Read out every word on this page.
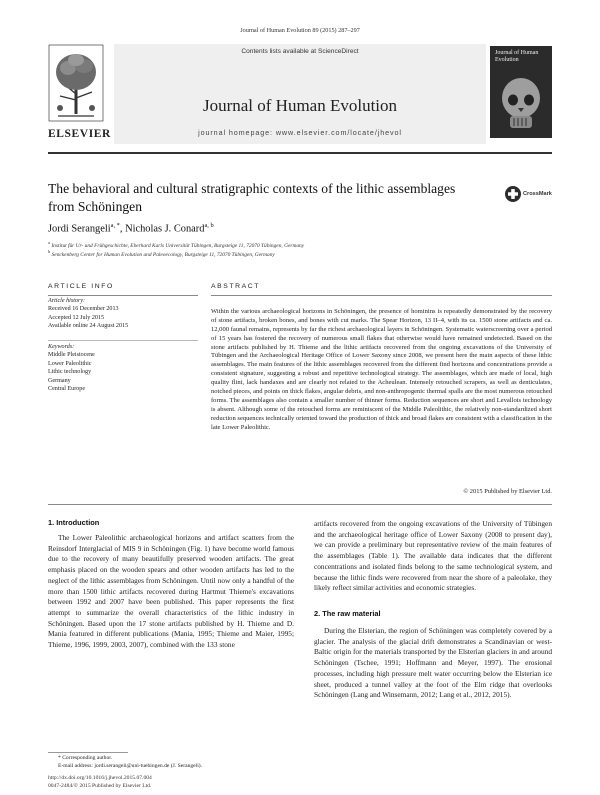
Journal of Human Evolution 89 (2015) 287–297
ELSEVIER
Contents lists available at ScienceDirect
Journal of Human Evolution
journal homepage: www.elsevier.com/locate/jhevol
Journal of Human Evolution
The behavioral and cultural stratigraphic contexts of the lithic assemblages from Schöningen
CrossMark
Jordi Serangeli$^{a, *}$, Nicholas J. Conard$^{a, b}$
$^a$ Institut für Ur- und Frühgeschichte, Eberhard Karls Universität Tübingen, Burgsteige 11, 72070 Tübingen, Germany
$^b$ Senckenberg Center for Human Evolution and Paleoecology, Burgsteige 11, 72070 Tübingen, Germany
ARTICLE INFO	ABSTRACT
Article history:
Received 16 December 2013
Accepted 12 July 2015
Available online 24 August 2015
Keywords:
Middle Pleistocene
Lower Paleolithic
Lithic technology
Germany
Central Europe
Within the various archaeological horizons in Schöningen, the presence of hominins is repeatedly demonstrated by the recovery of stone artifacts, broken bones, and bones with cut marks. The Spear Horizon, 13 II–4, with its ca. 1500 stone artifacts and ca. 12,000 faunal remains, represents by far the richest archaeological layers in Schöningen. Systematic waterscreening over a period of 15 years has fostered the recovery of numerous small flakes that otherwise would have remained undetected. Based on the stone artifacts published by H. Thieme and the lithic artifacts recovered from the ongoing excavations of the University of Tübingen and the Archaeological Heritage Office of Lower Saxony since 2008, we present here the main aspects of these lithic assemblages. The main features of the lithic assemblages recovered from the different find horizons and concentrations provide a consistent signature, suggesting a robust and repetitive technological strategy. The assemblages, which are made of local, high quality flint, lack handaxes and are clearly not related to the Acheulean. Intensely retouched scrapers, as well as denticulates, notched pieces, and points on thick flakes, angular debris, and non-anthropogenic thermal spalls are the most numerous retouched forms. The assemblages also contain a smaller number of thinner forms. Reduction sequences are short and Levallois technology is absent. Although some of the retouched forms are reminiscent of the Middle Paleolithic, the relatively non-standardized short reduction sequences technically oriented toward the production of thick and broad flakes are consistent with a classification in the late Lower Paleolithic.
© 2015 Published by Elsevier Ltd.
1. Introduction

The Lower Paleolithic archaeological horizons and artifact scatters from the Reinsdorf Interglacial of MIS 9 in Schöningen (Fig. 1) have become world famous due to the recovery of many beautifully preserved wooden artifacts. The great emphasis placed on the wooden spears and other wooden artifacts has led to the neglect of the lithic assemblages from Schöningen. Until now only a handful of the more than 1500 lithic artifacts recovered during Hartmut Thieme's excavations between 1992 and 2007 have been published. This paper represents the first attempt to summarize the overall characteristics of the lithic industry in Schöningen. Based upon the 17 stone artifacts published by H. Thieme and D. Mania featured in different publications (Mania, 1995; Thieme and Maier, 1995; Thieme, 1996, 1999, 2003, 2007), combined with the 133 stone

artifacts recovered from the ongoing excavations of the University of Tübingen and the archaeological heritage office of Lower Saxony (2008 to present day), we can provide a preliminary but representative review of the main features of the assemblages (Table 1). The available data indicates that the different concentrations and isolated finds belong to the same technological system, and because the lithic finds were recovered from near the shore of a paleolake, they likely reflect similar activities and economic strategies.

2. The raw material

During the Elsterian, the region of Schöningen was completely covered by a glacier. The analysis of the glacial drift demonstrates a Scandinavian or west-Baltic origin for the materials transported by the Elsterian glaciers in and around Schöningen (Tschee, 1991; Hoffmann and Meyer, 1997). The erosional processes, including high pressure melt water occurring below the Elsterian ice sheet, produced a tunnel valley at the foot of the Elm ridge that overlooks Schöningen (Lang and Winsemann, 2012; Lang et al., 2012, 2015).

* Corresponding author.
E-mail address: jordi.serangeli@uni-tuebingen.de (J. Serangeli).
http://dx.doi.org/10.1016/j.jhevol.2015.07.004
0047-2484/© 2015 Published by Elsevier Ltd.
